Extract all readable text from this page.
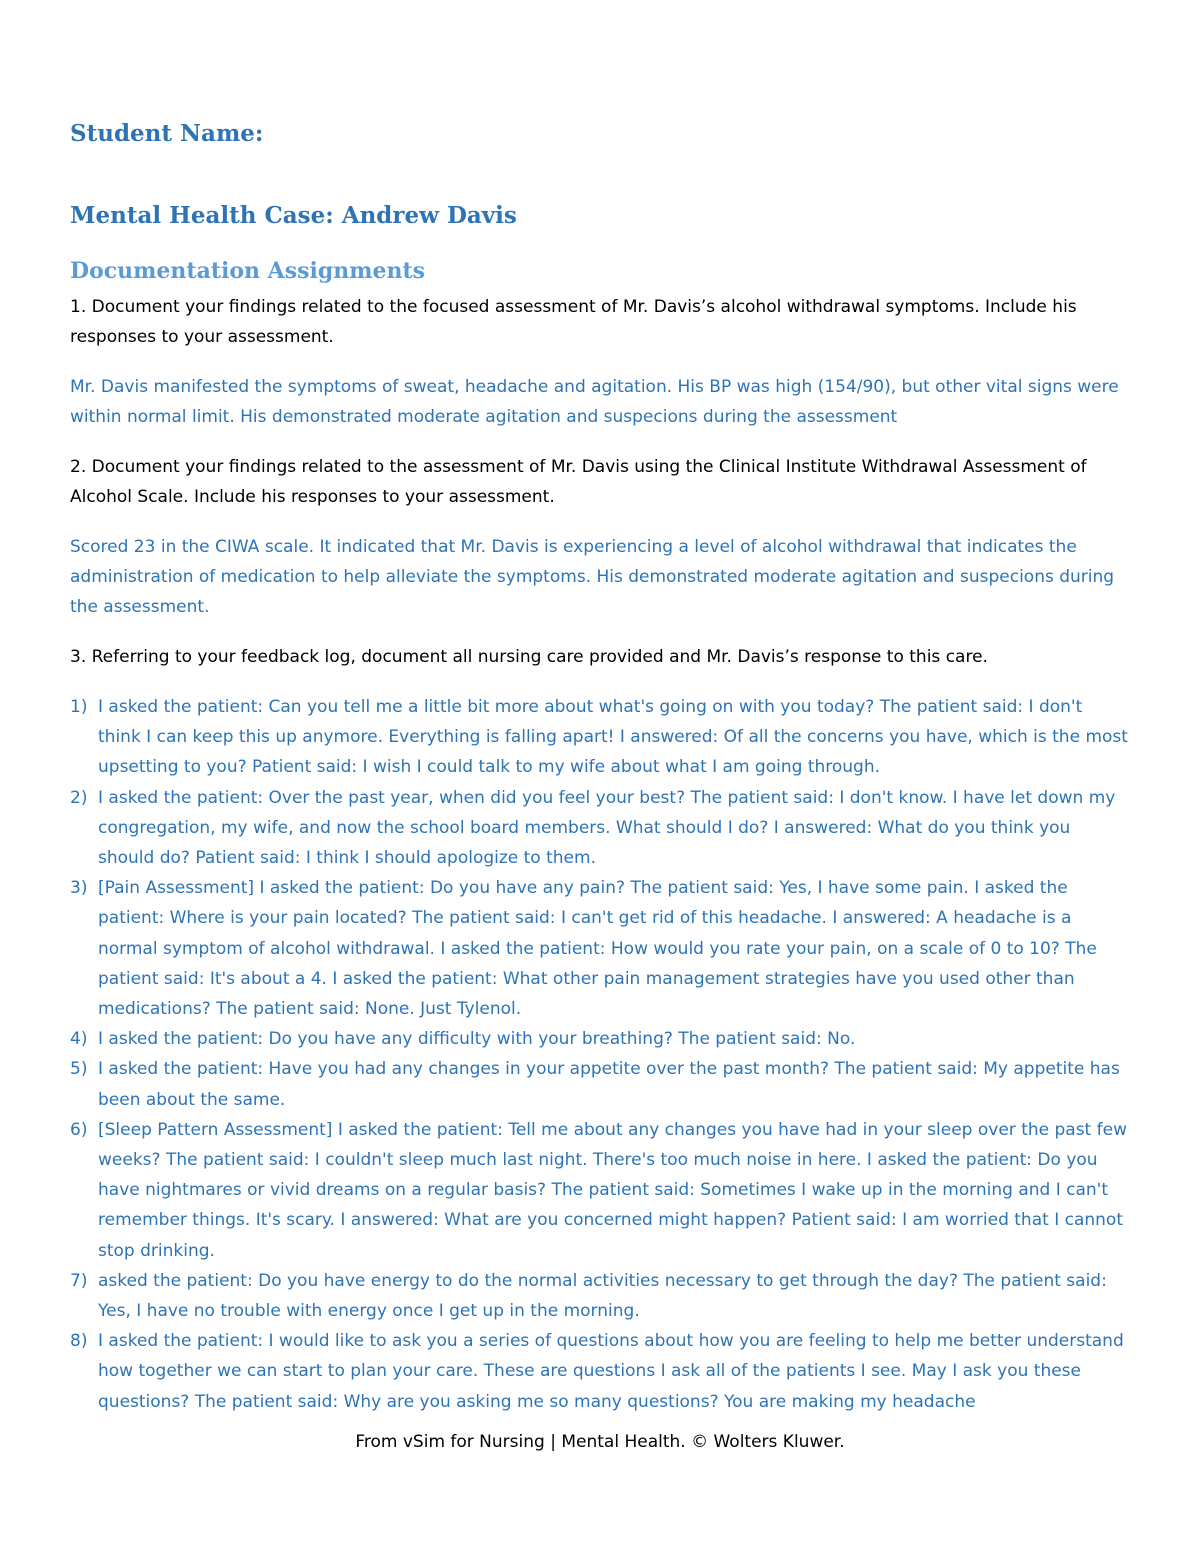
Student Name:
Mental Health Case: Andrew Davis
Documentation Assignments

1. Document your findings related to the focused assessment of Mr. Davis’s alcohol withdrawal symptoms. Include his responses to your assessment.

Mr. Davis manifested the symptoms of sweat, headache and agitation. His BP was high (154/90), but other vital signs were within normal limit. His demonstrated moderate agitation and suspecions during the assessment

2. Document your findings related to the assessment of Mr. Davis using the Clinical Institute Withdrawal Assessment of Alcohol Scale. Include his responses to your assessment.

Scored 23 in the CIWA scale. It indicated that Mr. Davis is experiencing a level of alcohol withdrawal that indicates the administration of medication to help alleviate the symptoms. His demonstrated moderate agitation and suspecions during the assessment.

3. Referring to your feedback log, document all nursing care provided and Mr. Davis’s response to this care.

1) I asked the patient: Can you tell me a little bit more about what's going on with you today? The patient said: I don't think I can keep this up anymore. Everything is falling apart! I answered: Of all the concerns you have, which is the most upsetting to you? Patient said: I wish I could talk to my wife about what I am going through.
2) I asked the patient: Over the past year, when did you feel your best? The patient said: I don't know. I have let down my congregation, my wife, and now the school board members. What should I do? I answered: What do you think you should do? Patient said: I think I should apologize to them.
3) [Pain Assessment] I asked the patient: Do you have any pain? The patient said: Yes, I have some pain. I asked the patient: Where is your pain located? The patient said: I can't get rid of this headache. I answered: A headache is a normal symptom of alcohol withdrawal. I asked the patient: How would you rate your pain, on a scale of 0 to 10? The patient said: It's about a 4. I asked the patient: What other pain management strategies have you used other than medications? The patient said: None. Just Tylenol.
4) I asked the patient: Do you have any difficulty with your breathing? The patient said: No.
5) I asked the patient: Have you had any changes in your appetite over the past month? The patient said: My appetite has been about the same.
6) [Sleep Pattern Assessment] I asked the patient: Tell me about any changes you have had in your sleep over the past few weeks? The patient said: I couldn't sleep much last night. There's too much noise in here. I asked the patient: Do you have nightmares or vivid dreams on a regular basis? The patient said: Sometimes I wake up in the morning and I can't remember things. It's scary. I answered: What are you concerned might happen? Patient said: I am worried that I cannot stop drinking.
7) asked the patient: Do you have energy to do the normal activities necessary to get through the day? The patient said: Yes, I have no trouble with energy once I get up in the morning.
8) I asked the patient: I would like to ask you a series of questions about how you are feeling to help me better understand how together we can start to plan your care. These are questions I ask all of the patients I see. May I ask you these questions? The patient said: Why are you asking me so many questions? You are making my headache
From vSim for Nursing | Mental Health. © Wolters Kluwer.
